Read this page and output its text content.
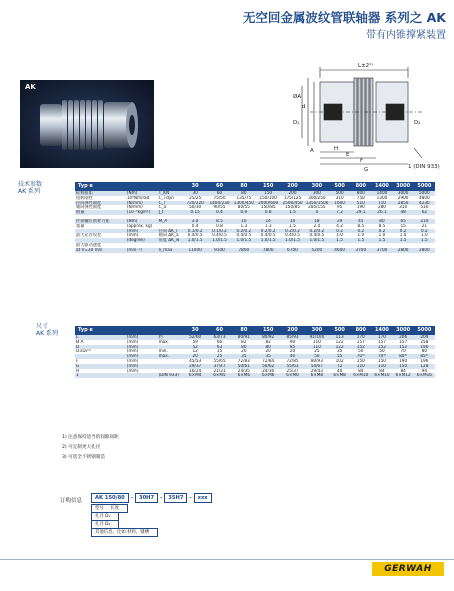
无空回金属波纹管联轴器 系列之 AK
带有内锥撑紧装置
AK
L±2¹⁾
ØA
d
D₁	D₂
A	H
E
F
G	1 (DIN 933)
技术参数
AK 系列
Typ e			30	60	80	150	200	300	500	800	1400	3000	5000
标称扭矩	(Nm)	T_KN	30	60	80	150	200	300	500	800	1400	3000	5000
扭转刚性	10³Nm/rad	C_Tdyn	25/25	75/50	135/75	150/100	175/125	300/250	310	750	1300	2900	4800
径向弹性刚度	(N/mm)	C_r	720/220	1400/230	1300/450	2000/600	2500/450	1350/1500	1600	510	710	2850	4230
轴向弹性刚度	(N/mm)	C_a	50/30	90/55	80/55	150/85	150/85	285/155	95	190	280	310	510
惯量	(10⁻³kgm²)	J_t	0.15	0.4	0.9	0.8	1.5	4	7.2	29.1	26.1	48	62

拧紧螺钉锁紧力矩	(Nm)	M_A	3.0	8.5	10	14	14	18	29	45	80	65	210
重量	(approx. kg)		0.4	0.8	1.3	1.3	1.5	2.4	4.2	8.5	8.5	15	21
	(mm)	径向 ΔK_r	0.1/0.2	0.1/0.2	0.2/0.2	0.2/0.2	0.2/0.2	0.2/0.2	0.2	0.2	0.2	0.2	0.2
最大允许误差	(mm)	轴向 ΔK_a	0.4/0.5	0.4/0.5	0.4/0.5	0.4/0.5	0.4/0.5	0.4/0.5	1.0	1.0	1.0	1.0	1.0
	(degree)	角度 ΔK_w	1.0/1.5	1.0/1.5	1.0/1.5	1.0/1.5	1.0/1.5	1.0/1.5	1.5	1.5	1.5	1.5	1.5
最大驱动速度													
at V=30 m/s	(min⁻¹)	n_max	11000	9100	7800	7800	6700	5200	4600	3700	3700	2800	2800
尺寸
AK 系列	Typ e			30	60	80	150	200	300	500	800	1400	3000	5000
L	(mm)	约	52/60	63/73	80/91	80/92	85/93	91/104	113	170	170	206	209
Ø A	(mm)	max.	59	66	82	82	90	110	122	157	157	157	258
D	(mm)		52	63	80	80	85	110	122	152	152	152	190
D₁/D₂⁽²⁾	(mm)	min.	12	15	20	20	20	25	35	50	50	70	80
	(mm)	max.	20	25	35	35	40	50	55	70³⁾	70³⁾	80³⁾	85³⁾
F	(mm)		45/53	55/65	72/83	72/84	72/85	80/93	102	150	150	190	196
G	(mm)		29/37	37/47	50/61	50/62	55/63	54/67	72	110	110	150	128
H	(mm)		16/24	21/31	24/35	24/36	25/37	29/43	40	84	84	84	94
1		(DIN 933)	6×M4	6×M5	6×M6	6×M6	6×M6	6×M8	6×M8	6×M10	6×M10	6×M12	6×M16
1) 注意保持适当的间隙间距
2) 可定制更大孔径
3) 可选全不锈钢制造
订购信息	AK 150/80	-	30H7	-	35H7	-	xxx
型号 长度
孔径 D₁
孔径 D₂
其他信息，比如 材料、键槽
GERWAH
